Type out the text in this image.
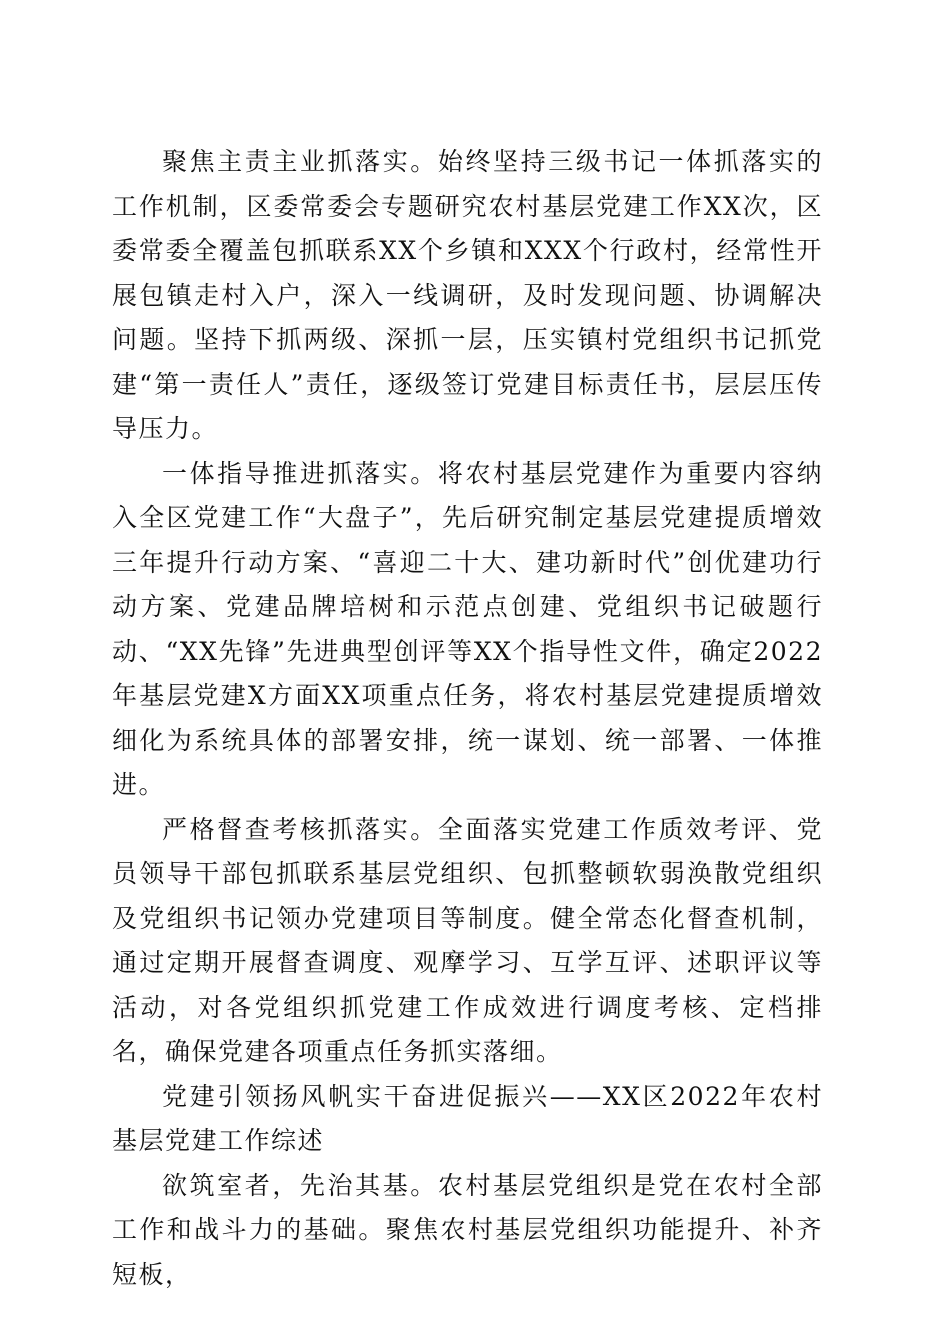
聚焦主责主业抓落实。始终坚持三级书记一体抓落实的工作机制，区委常委会专题研究农村基层党建工作XX次，区委常委全覆盖包抓联系XX个乡镇和XXX个行政村，经常性开展包镇走村入户，深入一线调研，及时发现问题、协调解决问题。坚持下抓两级、深抓一层，压实镇村党组织书记抓党建“第一责任人”责任，逐级签订党建目标责任书，层层压传导压力。

一体指导推进抓落实。将农村基层党建作为重要内容纳入全区党建工作“大盘子”，先后研究制定基层党建提质增效三年提升行动方案、“喜迎二十大、建功新时代”创优建功行动方案、党建品牌培树和示范点创建、党组织书记破题行动、“XX先锋”先进典型创评等XX个指导性文件，确定2022年基层党建X方面XX项重点任务，将农村基层党建提质增效细化为系统具体的部署安排，统一谋划、统一部署、一体推进。

严格督查考核抓落实。全面落实党建工作质效考评、党员领导干部包抓联系基层党组织、包抓整顿软弱涣散党组织及党组织书记领办党建项目等制度。健全常态化督查机制，通过定期开展督查调度、观摩学习、互学互评、述职评议等活动，对各党组织抓党建工作成效进行调度考核、定档排名，确保党建各项重点任务抓实落细。

党建引领扬风帆实干奋进促振兴——XX区2022年农村基层党建工作综述

欲筑室者，先治其基。农村基层党组织是党在农村全部工作和战斗力的基础。聚焦农村基层党组织功能提升、补齐短板，
